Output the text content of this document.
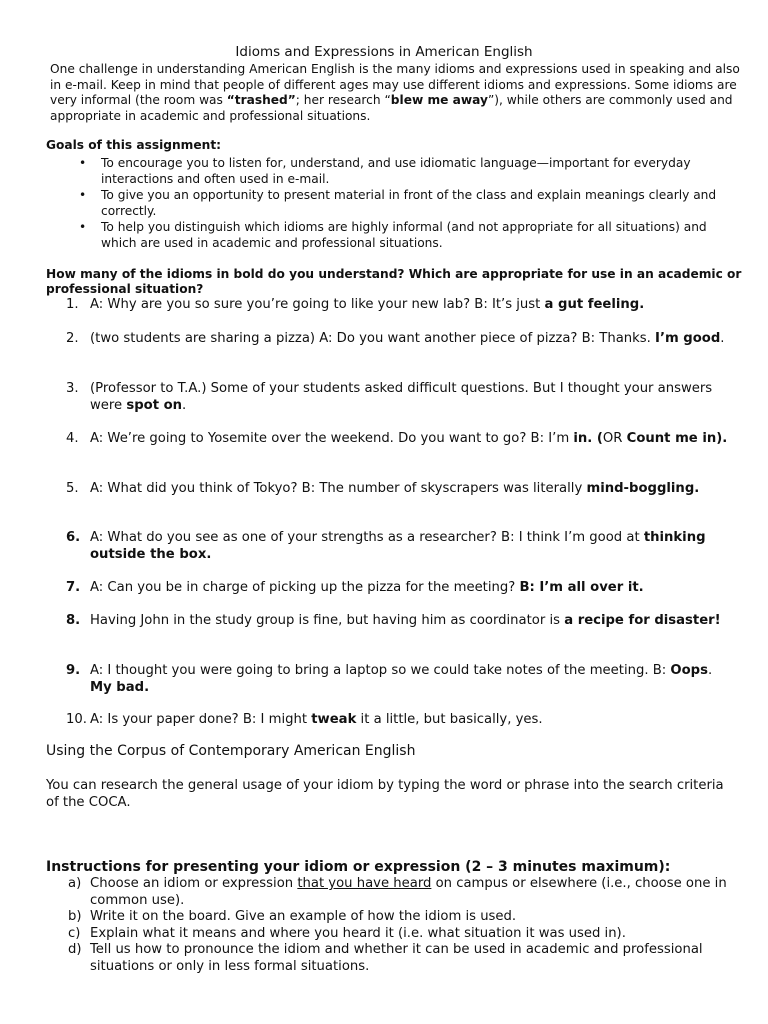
Idioms and Expressions in American English
One challenge in understanding American English is the many idioms and expressions used in speaking and also in e-mail. Keep in mind that people of different ages may use different idioms and expressions. Some idioms are very informal (the room was “trashed”; her research “blew me away”), while others are commonly used and appropriate in academic and professional situations.
Goals of this assignment:
• To encourage you to listen for, understand, and use idiomatic language—important for everyday interactions and often used in e-mail.
• To give you an opportunity to present material in front of the class and explain meanings clearly and correctly.
• To help you distinguish which idioms are highly informal (and not appropriate for all situations) and which are used in academic and professional situations.
How many of the idioms in bold do you understand? Which are appropriate for use in an academic or professional situation?
1. A: Why are you so sure you’re going to like your new lab? B: It’s just a gut feeling.
2. (two students are sharing a pizza) A: Do you want another piece of pizza? B: Thanks. I’m good.
3. (Professor to T.A.) Some of your students asked difficult questions. But I thought your answers were spot on.
4. A: We’re going to Yosemite over the weekend. Do you want to go? B: I’m in. (OR Count me in).
5. A: What did you think of Tokyo? B: The number of skyscrapers was literally mind-boggling.
6. A: What do you see as one of your strengths as a researcher? B: I think I’m good at thinking outside the box.
7. A: Can you be in charge of picking up the pizza for the meeting? B: I’m all over it.
8. Having John in the study group is fine, but having him as coordinator is a recipe for disaster!
9. A: I thought you were going to bring a laptop so we could take notes of the meeting. B: Oops. My bad.
10. A: Is your paper done? B: I might tweak it a little, but basically, yes.
Using the Corpus of Contemporary American English
You can research the general usage of your idiom by typing the word or phrase into the search criteria of the COCA.
Instructions for presenting your idiom or expression (2 – 3 minutes maximum):
a) Choose an idiom or expression that you have heard on campus or elsewhere (i.e., choose one in common use).
b) Write it on the board. Give an example of how the idiom is used.
c) Explain what it means and where you heard it (i.e. what situation it was used in).
d) Tell us how to pronounce the idiom and whether it can be used in academic and professional situations or only in less formal situations.
